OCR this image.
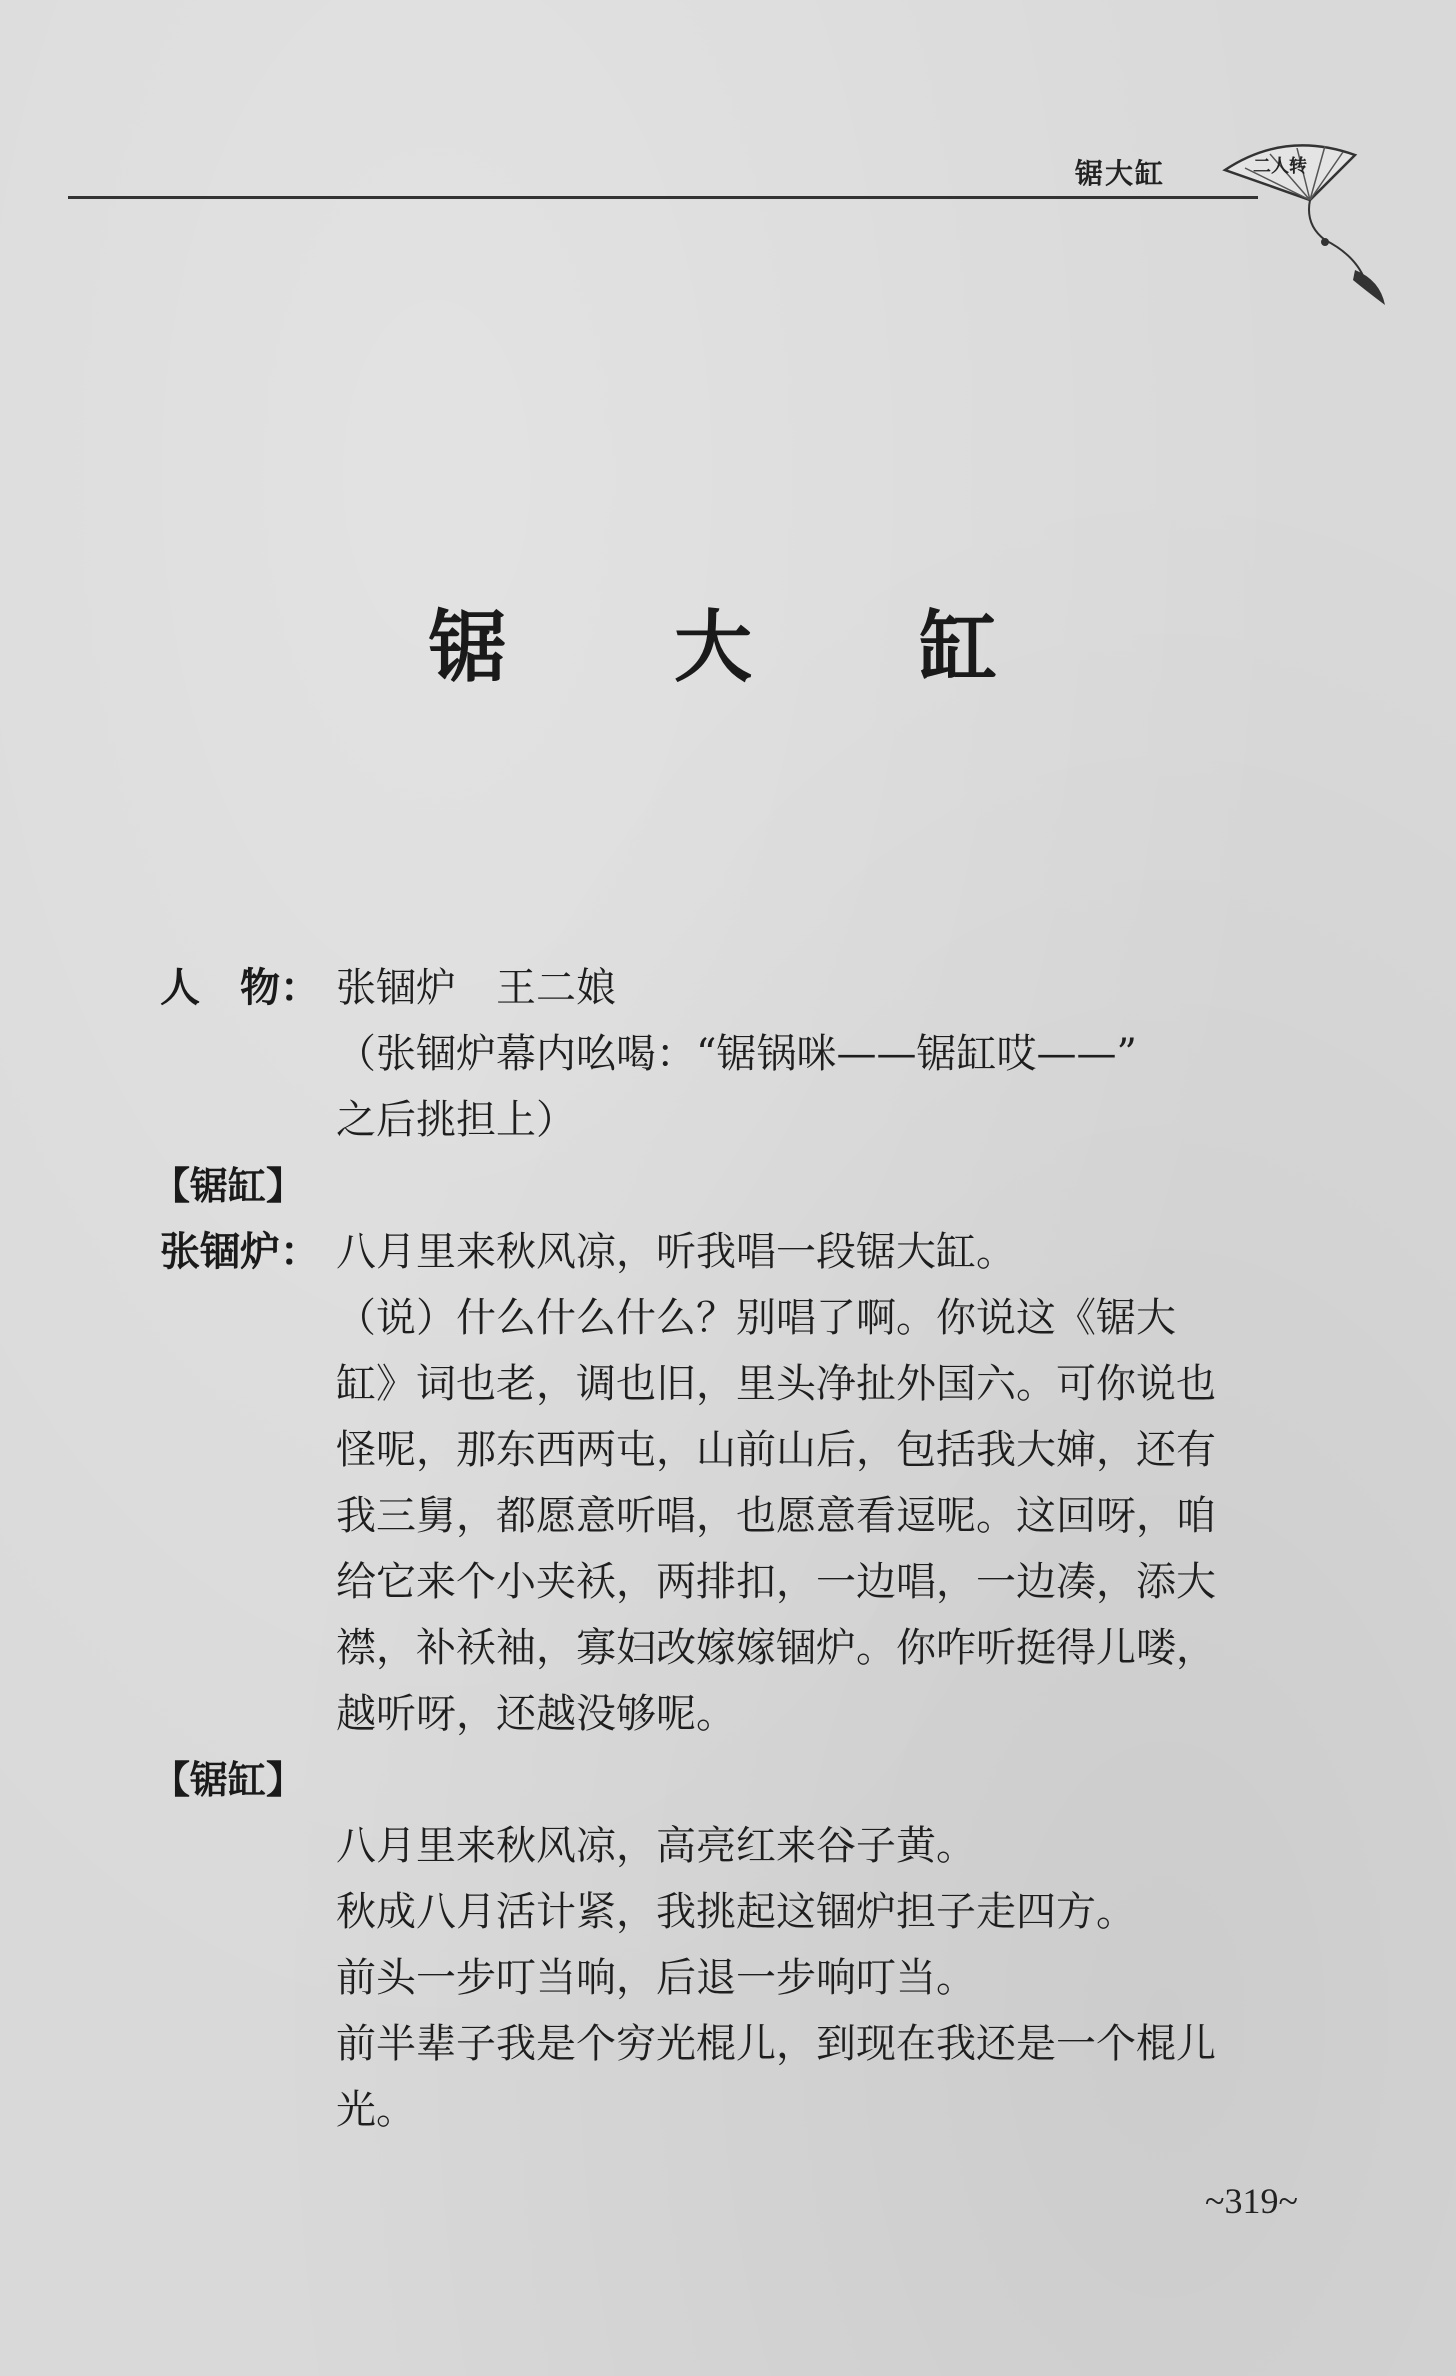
锯大缸	二人转
锯 大 缸
人　物： 张锢炉　王二娘
（张锢炉幕内吆喝：“锯锅咪——锯缸哎——”
之后挑担上）
【锯缸】
张锢炉： 八月里来秋风凉，听我唱一段锯大缸。
（说）什么什么什么？别唱了啊。你说这《锯大
缸》词也老，调也旧，里头净扯外国六。可你说也
怪呢，那东西两屯，山前山后，包括我大婶，还有
我三舅，都愿意听唱，也愿意看逗呢。这回呀，咱
给它来个小夹袄，两排扣，一边唱，一边凑，添大
襟，补袄袖，寡妇改嫁嫁锢炉。你咋听挺得儿喽，
越听呀，还越没够呢。
【锯缸】
八月里来秋风凉，高亮红来谷子黄。
秋成八月活计紧，我挑起这锢炉担子走四方。
前头一步叮当响，后退一步响叮当。
前半辈子我是个穷光棍儿，到现在我还是一个棍儿
光。
~319~
